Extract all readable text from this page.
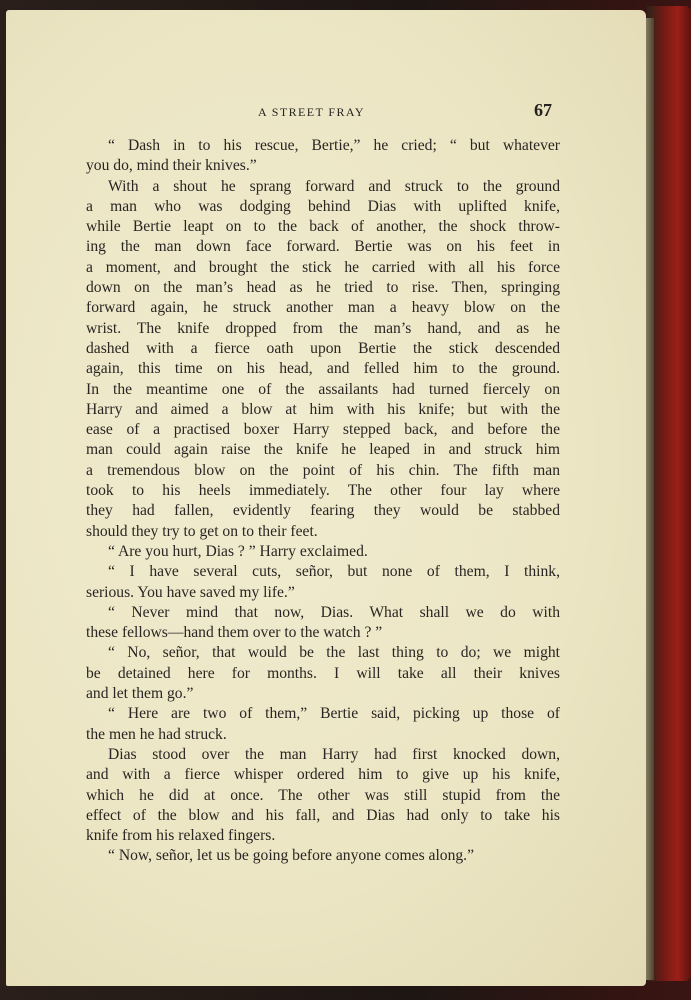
A STREET FRAY	67
“ Dash in to his rescue, Bertie,” he cried; “ but whatever
you do, mind their knives.”
With a shout he sprang forward and struck to the ground
a man who was dodging behind Dias with uplifted knife,
while Bertie leapt on to the back of another, the shock throw-
ing the man down face forward. Bertie was on his feet in
a moment, and brought the stick he carried with all his force
down on the man’s head as he tried to rise. Then, springing
forward again, he struck another man a heavy blow on the
wrist. The knife dropped from the man’s hand, and as he
dashed with a fierce oath upon Bertie the stick descended
again, this time on his head, and felled him to the ground.
In the meantime one of the assailants had turned fiercely on
Harry and aimed a blow at him with his knife; but with the
ease of a practised boxer Harry stepped back, and before the
man could again raise the knife he leaped in and struck him
a tremendous blow on the point of his chin. The fifth man
took to his heels immediately. The other four lay where
they had fallen, evidently fearing they would be stabbed
should they try to get on to their feet.
“ Are you hurt, Dias ? ” Harry exclaimed.
“ I have several cuts, señor, but none of them, I think,
serious. You have saved my life.”
“ Never mind that now, Dias. What shall we do with
these fellows—hand them over to the watch ? ”
“ No, señor, that would be the last thing to do; we might
be detained here for months. I will take all their knives
and let them go.”
“ Here are two of them,” Bertie said, picking up those of
the men he had struck.
Dias stood over the man Harry had first knocked down,
and with a fierce whisper ordered him to give up his knife,
which he did at once. The other was still stupid from the
effect of the blow and his fall, and Dias had only to take his
knife from his relaxed fingers.
“ Now, señor, let us be going before anyone comes along.”
